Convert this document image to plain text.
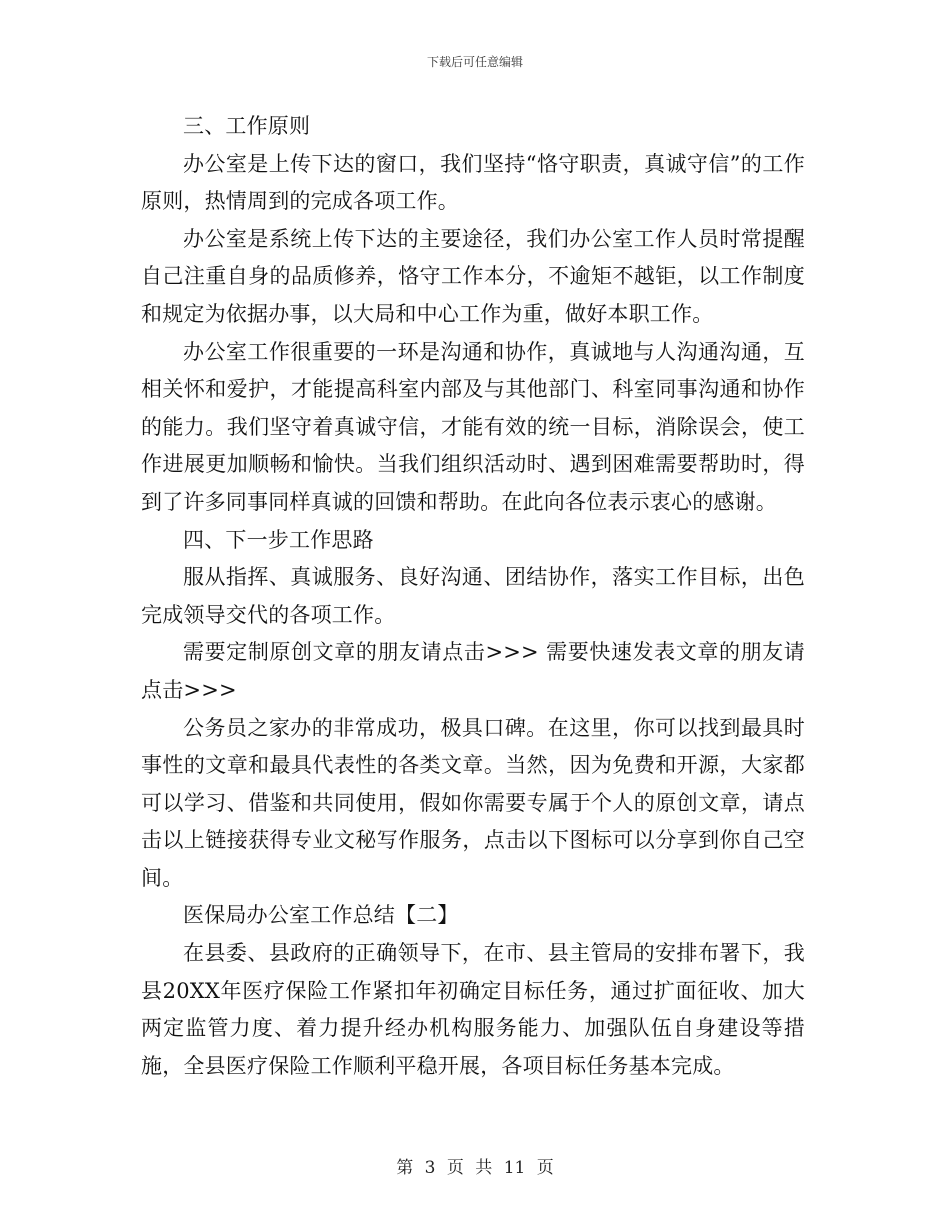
下载后可任意编辑

三、工作原则

办公室是上传下达的窗口，我们坚持“恪守职责，真诚守信”的工作原则，热情周到的完成各项工作。

办公室是系统上传下达的主要途径，我们办公室工作人员时常提醒自己注重自身的品质修养，恪守工作本分，不逾矩不越钜，以工作制度和规定为依据办事，以大局和中心工作为重，做好本职工作。

办公室工作很重要的一环是沟通和协作，真诚地与人沟通沟通，互相关怀和爱护，才能提高科室内部及与其他部门、科室同事沟通和协作的能力。我们坚守着真诚守信，才能有效的统一目标，消除误会，使工作进展更加顺畅和愉快。当我们组织活动时、遇到困难需要帮助时，得到了许多同事同样真诚的回馈和帮助。在此向各位表示衷心的感谢。

四、下一步工作思路

服从指挥、真诚服务、良好沟通、团结协作，落实工作目标，出色完成领导交代的各项工作。

需要定制原创文章的朋友请点击>>> 需要快速发表文章的朋友请点击>>>

公务员之家办的非常成功，极具口碑。在这里，你可以找到最具时事性的文章和最具代表性的各类文章。当然，因为免费和开源，大家都可以学习、借鉴和共同使用，假如你需要专属于个人的原创文章，请点击以上链接获得专业文秘写作服务，点击以下图标可以分享到你自己空间。

医保局办公室工作总结【二】

在县委、县政府的正确领导下，在市、县主管局的安排布署下，我县20XX年医疗保险工作紧扣年初确定目标任务，通过扩面征收、加大两定监管力度、着力提升经办机构服务能力、加强队伍自身建设等措施，全县医疗保险工作顺利平稳开展，各项目标任务基本完成。

第 3 页 共 11 页
